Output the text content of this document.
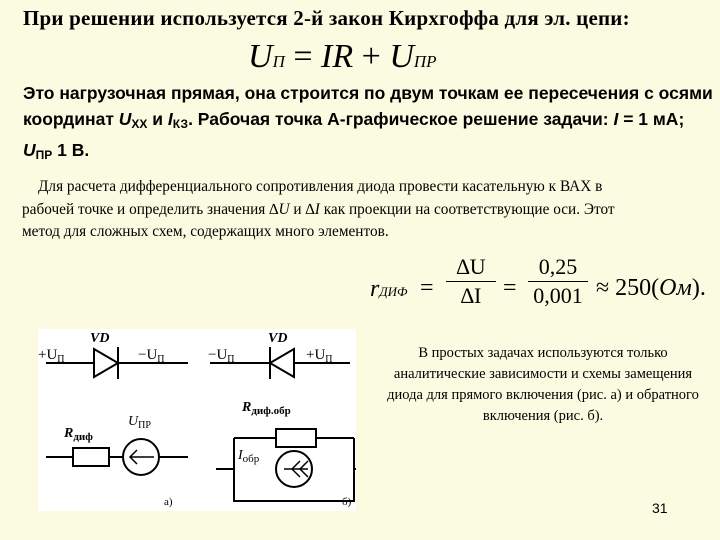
При решении используется 2-й закон Кирхгоффа для эл. цепи:
UП = IR + UПР
Это нагрузочная прямая, она строится по двум точкам ее пересечения с осями координат UXX и IКЗ. Рабочая точка А-графическое решение задачи: I = 1 мА; UПР 1 В.
Для расчета дифференциального сопротивления диода провести касательную к ВАХ в рабочей точке и определить значения ∆U и ∆I как проекции на соответствующие оси. Этот метод для сложных схем, содержащих много элементов.
rДИФ =
∆U
∆I =
0,25
0,001 ≈ 250(Ом).
VD
$+U_П$	$-U_П$
$R_{диф}$
$U_{ПР}$
а)
VD
$-U_П$	$+U_П$
$R_{диф.обр}$
$I_{обр}$
б)
В простых задачах используются только аналитические зависимости и схемы замещения диода для прямого включения (рис. а) и обратного включения (рис. б).
31
